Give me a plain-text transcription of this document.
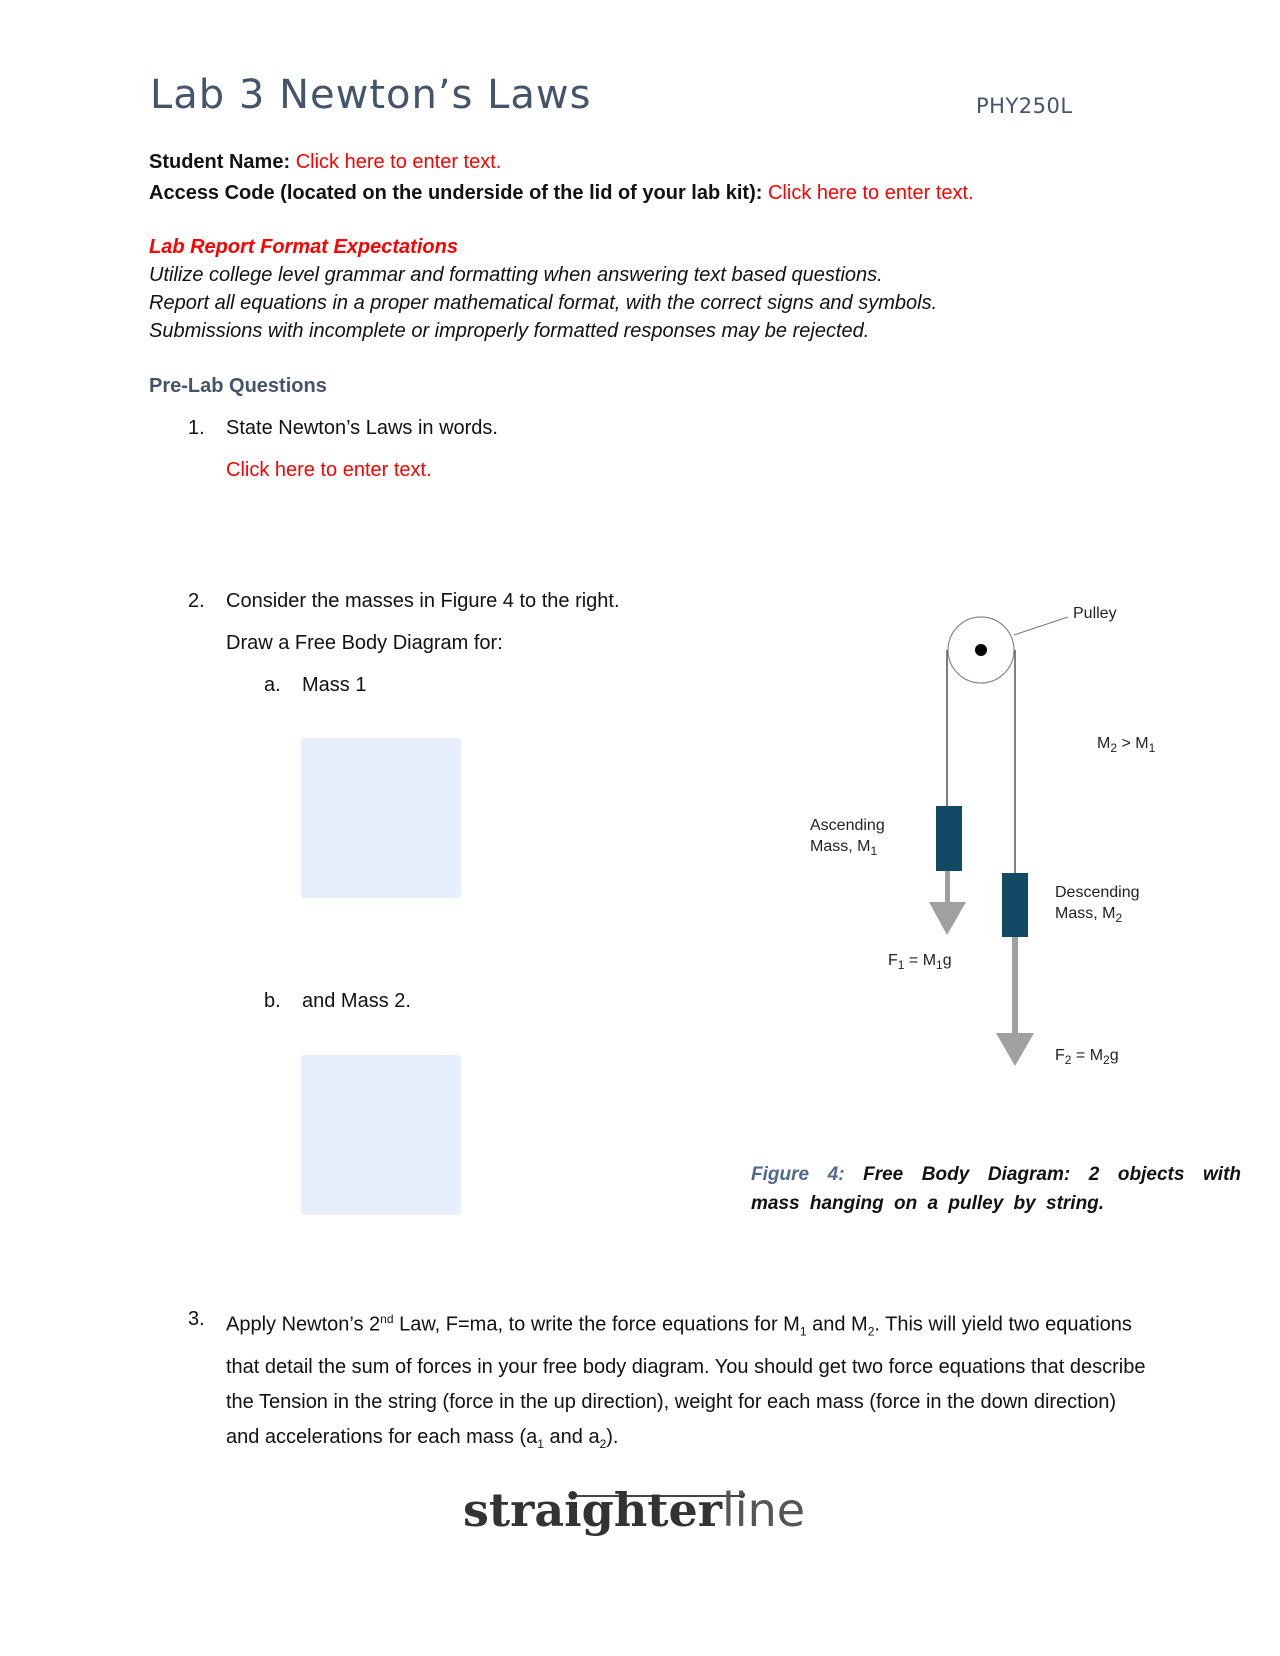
Lab 3 Newton’s Laws	PHY250L
Student Name: Click here to enter text.
Access Code (located on the underside of the lid of your lab kit): Click here to enter text.
Lab Report Format Expectations
Utilize college level grammar and formatting when answering text based questions.
Report all equations in a proper mathematical format, with the correct signs and symbols.
Submissions with incomplete or improperly formatted responses may be rejected.
Pre-Lab Questions
1. State Newton’s Laws in words.
Click here to enter text.
2. Consider the masses in Figure 4 to the right.
Draw a Free Body Diagram for:
a. Mass 1
b. and Mass 2.
Pulley
$M_2 > M_1$
Ascending
Mass, $M_1$
Descending
Mass, $M_2$
$F_1 = M_1g$
$F_2 = M_2g$
Figure 4: Free Body Diagram: 2 objects with mass hanging on a pulley by string.
3. Apply Newton’s 2nd Law, F=ma, to write the force equations for $M_1$ and $M_2$. This will yield two equations that detail the sum of forces in your free body diagram. You should get two force equations that describe the Tension in the string (force in the up direction), weight for each mass (force in the down direction) and accelerations for each mass ($a_1$ and $a_2$).
straighterline
